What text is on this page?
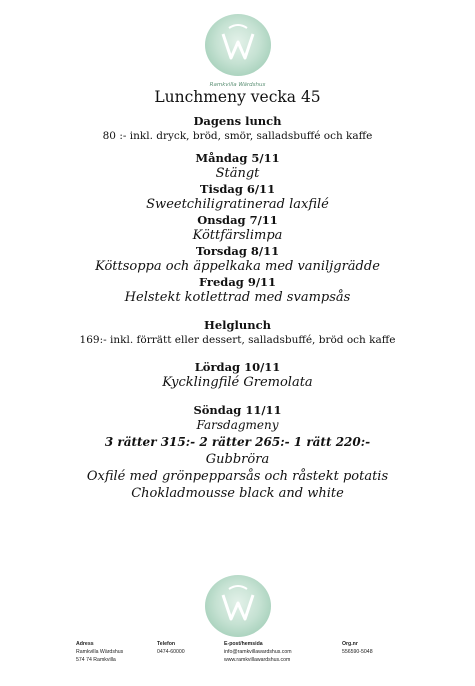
Ramkvilla Wärdshus
Lunchmeny vecka 45
Dagens lunch
80 :- inkl. dryck, bröd, smör, salladsbuffé och kaffe
Måndag 5/11
Stängt
Tisdag 6/11
Sweetchiligratinerad laxfilé
Onsdag 7/11
Köttfärslimpa
Torsdag 8/11
Köttsoppa och äppelkaka med vaniljgrädde
Fredag 9/11
Helstekt kotlettrad med svampsås
Helglunch
169:- inkl. förrätt eller dessert, salladsbuffé, bröd och kaffe
Lördag 10/11
Kycklingfilé Gremolata
Söndag 11/11
Farsdagmeny
3 rätter 315:- 2 rätter 265:- 1 rätt 220:-
Gubbröra
Oxfilé med grönpepparsås och råstekt potatis
Chokladmousse black and white
Adress
Ramkvilla Wärdshus
574 74 Ramkvilla
Telefon
0474-60000
E-post/hemsida
info@ramkvillawardshus.com
www.ramkvillawardshus.com
Org.nr
556590-5048
